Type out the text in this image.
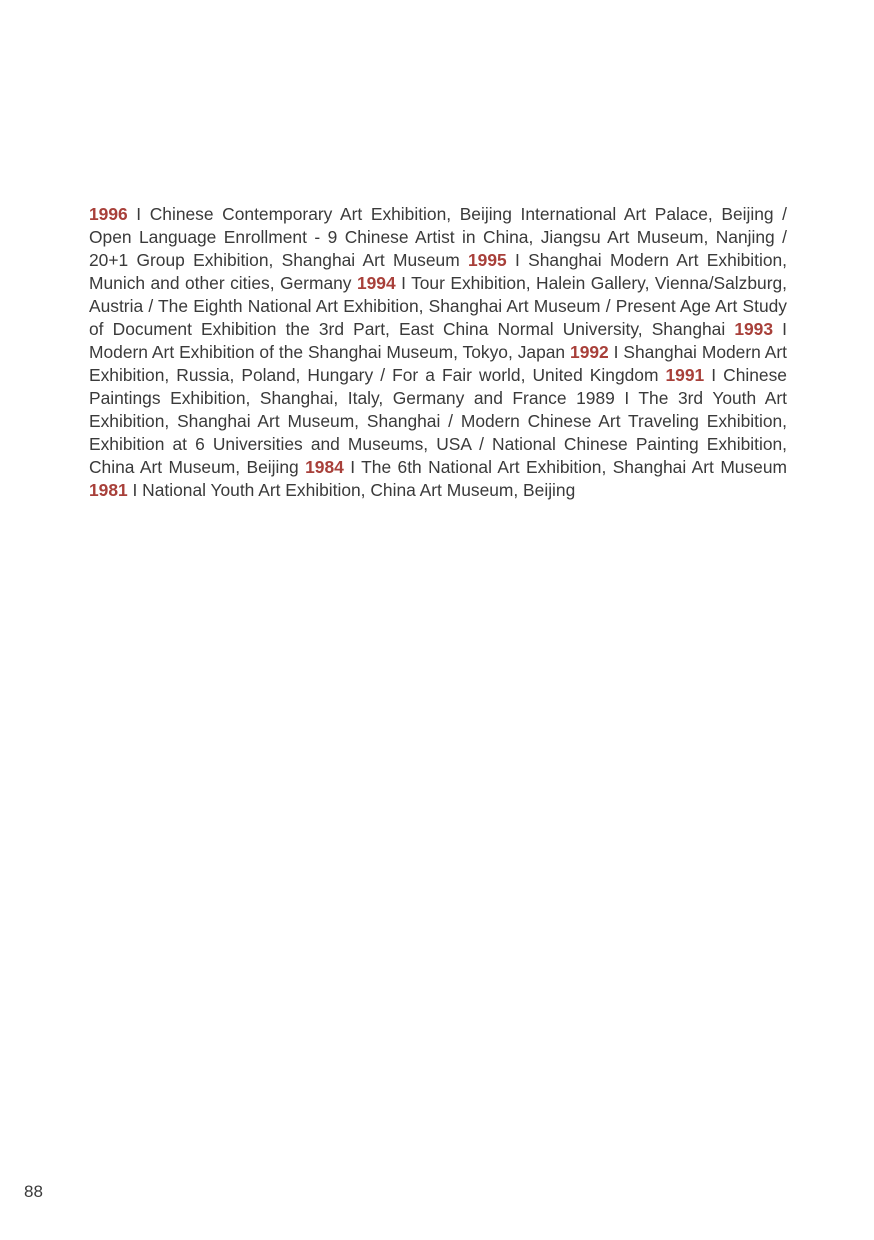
1996 I Chinese Contemporary Art Exhibition, Beijing International Art Palace, Beijing / Open Language Enrollment - 9 Chinese Artist in China, Jiangsu Art Museum, Nanjing / 20+1 Group Exhibition, Shanghai Art Museum 1995 I Shanghai Modern Art Exhibition, Munich and other cities, Germany 1994 I Tour Exhibition, Halein Gallery, Vienna/Salzburg, Austria / The Eighth National Art Exhibition, Shanghai Art Museum / Present Age Art Study of Document Exhibition the 3rd Part, East China Normal University, Shanghai 1993 I Modern Art Exhibition of the Shanghai Museum, Tokyo, Japan 1992 I Shanghai Modern Art Exhibition, Russia, Poland, Hungary / For a Fair world, United Kingdom 1991 I Chinese Paintings Exhibition, Shanghai, Italy, Germany and France 1989 I The 3rd Youth Art Exhibition, Shanghai Art Museum, Shanghai / Modern Chinese Art Traveling Exhibition, Exhibition at 6 Universities and Museums, USA / National Chinese Painting Exhibition, China Art Museum, Beijing 1984 I The 6th National Art Exhibition, Shanghai Art Museum 1981 I National Youth Art Exhibition, China Art Museum, Beijing

88
